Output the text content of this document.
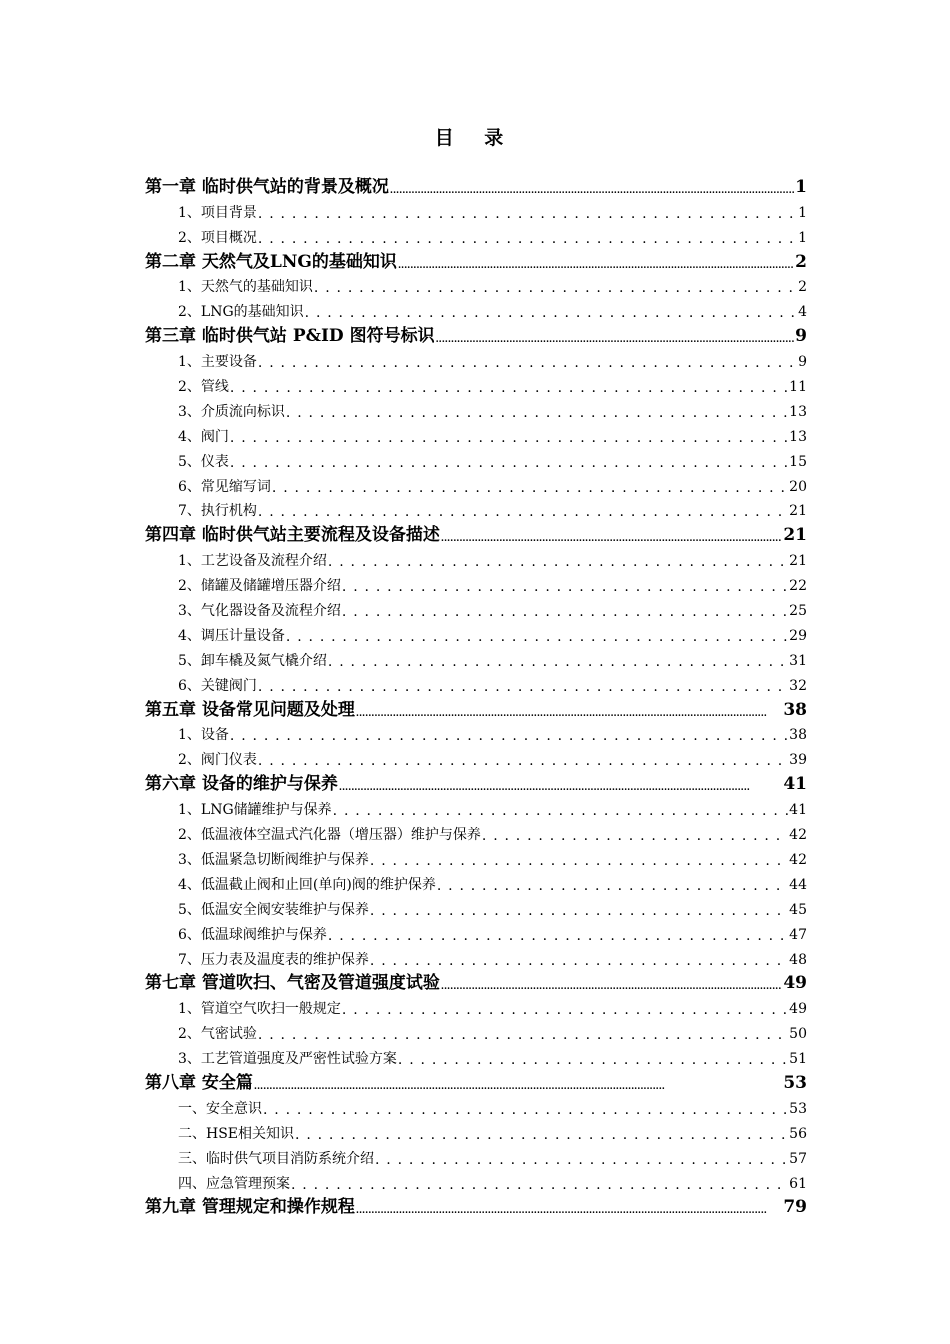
目 录
第一章 临时供气站的背景及概况 . . .	1
1、项目背景 . . .	1
2、项目概况 . . .	1
第二章 天然气及LNG的基础知识 . . .	2
1、天然气的基础知识 . . .	2
2、LNG的基础知识 . . .	4
第三章 临时供气站 P&ID 图符号标识 . . .	9
1、主要设备 . . .	9
2、管线 . . .	11
3、介质流向标识 . . .	13
4、阀门 . . .	13
5、仪表 . . .	15
6、常见缩写词 . . .	20
7、执行机构 . . .	21
第四章 临时供气站主要流程及设备描述 . . .	21
1、工艺设备及流程介绍 . . .	21
2、储罐及储罐增压器介绍 . . .	22
3、气化器设备及流程介绍 . . .	25
4、调压计量设备 . . .	29
5、卸车橇及氮气橇介绍 . . .	31
6、关键阀门 . . .	32
第五章 设备常见问题及处理 . . .	38
1、设备 . . .	38
2、阀门仪表 . . .	39
第六章 设备的维护与保养 . . .	41
1、LNG储罐维护与保养 . . .	41
2、低温液体空温式汽化器（增压器）维护与保养 . . .	42
3、低温紧急切断阀维护与保养 . . .	42
4、低温截止阀和止回(单向)阀的维护保养 . . .	44
5、低温安全阀安装维护与保养 . . .	45
6、低温球阀维护与保养 . . .	47
7、压力表及温度表的维护保养 . . .	48
第七章 管道吹扫、气密及管道强度试验 . . .	49
1、管道空气吹扫一般规定 . . .	49
2、气密试验 . . .	50
3、工艺管道强度及严密性试验方案 . . .	51
第八章 安全篇 . . .	53
一、安全意识 . . .	53
二、HSE相关知识 . . .	56
三、临时供气项目消防系统介绍 . . .	57
四、应急管理预案 . . .	61
第九章 管理规定和操作规程 . . .	79
